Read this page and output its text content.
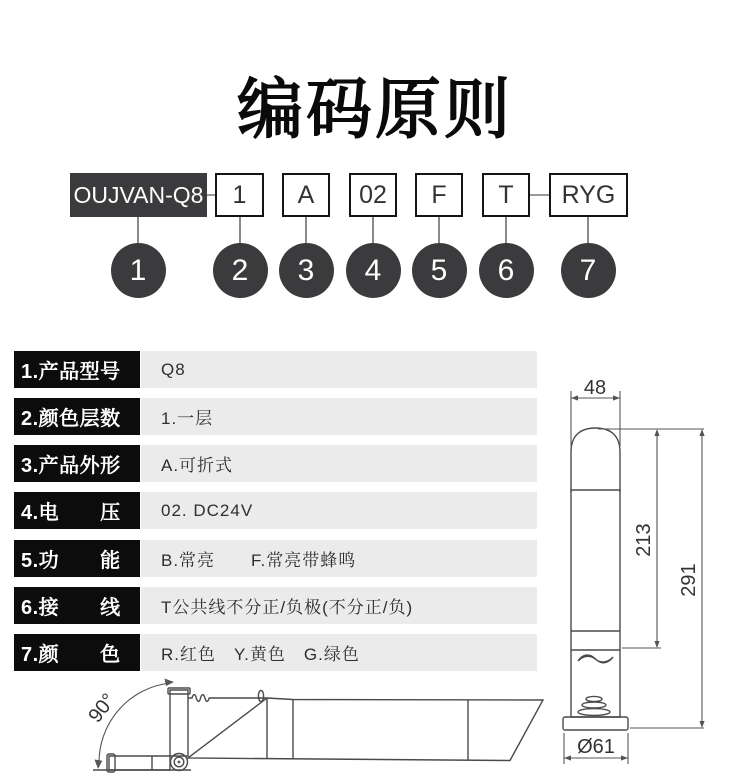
编码原则
OUJVAN-Q8	1	A	02	F	T	RYG
1	2	3	4	5	6	7
1.产品型号	Q8
2.颜色层数	1.一层
3.产品外形	A.可折式
4.电　　压	02. DC24V
5.功　　能	B.常亮　　F.常亮带蜂鸣
6.接　　线	T公共线不分正/负极(不分正/负)
7.颜　　色	R.红色　Y.黄色　G.绿色
48
213
291
Ø61
90°
